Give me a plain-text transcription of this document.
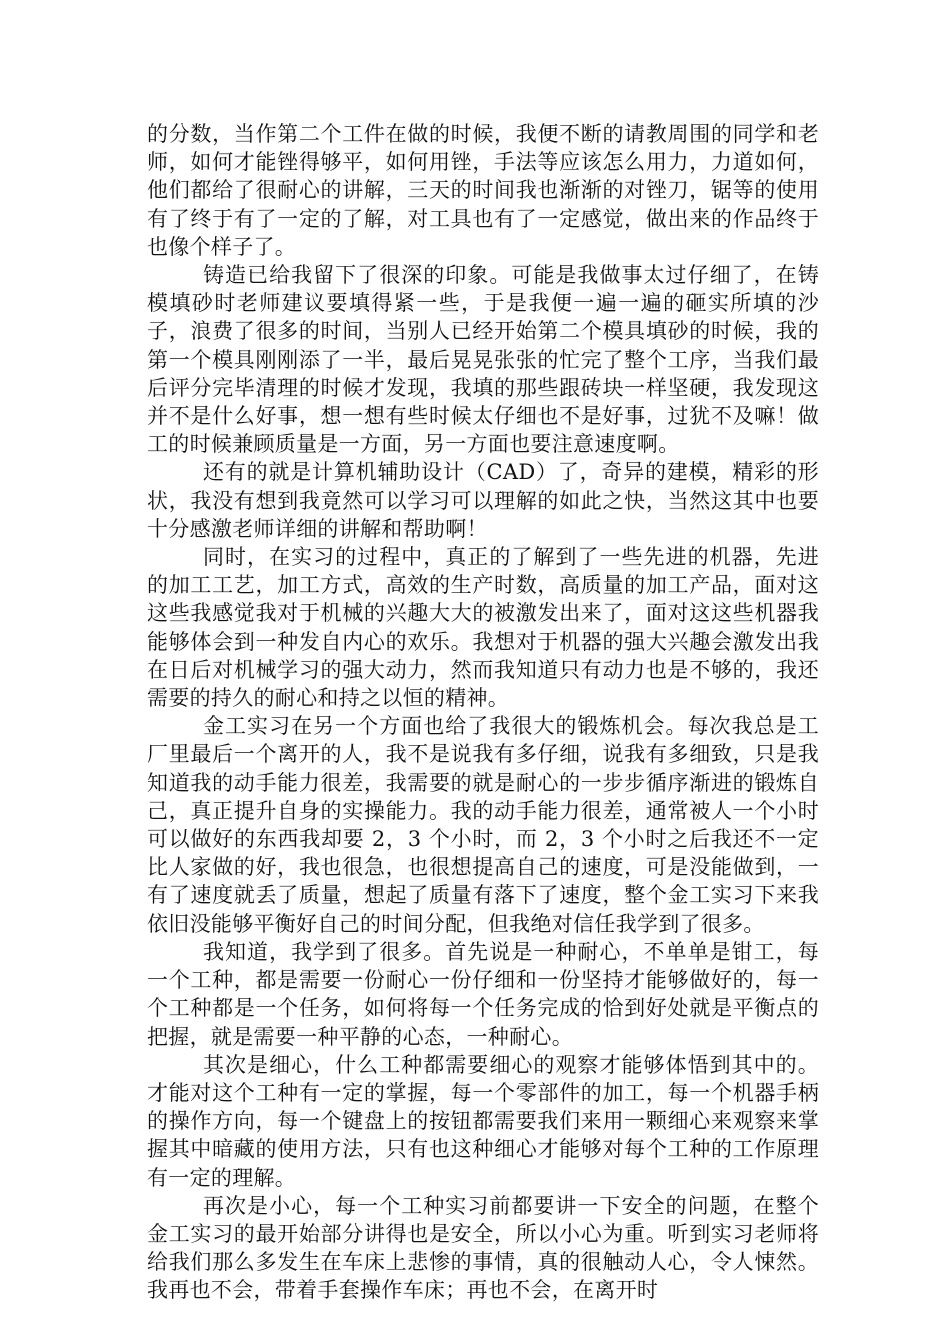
的分数，当作第二个工件在做的时候，我便不断的请教周围的同学和老师，如何才能锉得够平，如何用锉，手法等应该怎么用力，力道如何，他们都给了很耐心的讲解，三天的时间我也渐渐的对锉刀，锯等的使用有了终于有了一定的了解，对工具也有了一定感觉，做出来的作品终于也像个样子了。

铸造已给我留下了很深的印象。可能是我做事太过仔细了，在铸模填砂时老师建议要填得紧一些，于是我便一遍一遍的砸实所填的沙子，浪费了很多的时间，当别人已经开始第二个模具填砂的时候，我的第一个模具刚刚添了一半，最后晃晃张张的忙完了整个工序，当我们最后评分完毕清理的时候才发现，我填的那些跟砖块一样坚硬，我发现这并不是什么好事，想一想有些时候太仔细也不是好事，过犹不及嘛！做工的时候兼顾质量是一方面，另一方面也要注意速度啊。

还有的就是计算机辅助设计（CAD）了，奇异的建模，精彩的形状，我没有想到我竟然可以学习可以理解的如此之快，当然这其中也要十分感激老师详细的讲解和帮助啊！

同时，在实习的过程中，真正的了解到了一些先进的机器，先进的加工工艺，加工方式，高效的生产时数，高质量的加工产品，面对这这些我感觉我对于机械的兴趣大大的被激发出来了，面对这这些机器我能够体会到一种发自内心的欢乐。我想对于机器的强大兴趣会激发出我在日后对机械学习的强大动力，然而我知道只有动力也是不够的，我还需要的持久的耐心和持之以恒的精神。

金工实习在另一个方面也给了我很大的锻炼机会。每次我总是工厂里最后一个离开的人，我不是说我有多仔细，说我有多细致，只是我知道我的动手能力很差，我需要的就是耐心的一步步循序渐进的锻炼自己，真正提升自身的实操能力。我的动手能力很差，通常被人一个小时可以做好的东西我却要 2，3 个小时，而 2，3 个小时之后我还不一定比人家做的好，我也很急，也很想提高自己的速度，可是没能做到，一有了速度就丢了质量，想起了质量有落下了速度，整个金工实习下来我依旧没能够平衡好自己的时间分配，但我绝对信任我学到了很多。

我知道，我学到了很多。首先说是一种耐心，不单单是钳工，每一个工种，都是需要一份耐心一份仔细和一份坚持才能够做好的，每一个工种都是一个任务，如何将每一个任务完成的恰到好处就是平衡点的把握，就是需要一种平静的心态，一种耐心。

其次是细心，什么工种都需要细心的观察才能够体悟到其中的。才能对这个工种有一定的掌握，每一个零部件的加工，每一个机器手柄的操作方向，每一个键盘上的按钮都需要我们来用一颗细心来观察来掌握其中暗藏的使用方法，只有也这种细心才能够对每个工种的工作原理有一定的理解。

再次是小心，每一个工种实习前都要讲一下安全的问题，在整个金工实习的最开始部分讲得也是安全，所以小心为重。听到实习老师将给我们那么多发生在车床上悲惨的事情，真的很触动人心，令人悚然。我再也不会，带着手套操作车床；再也不会，在离开时
